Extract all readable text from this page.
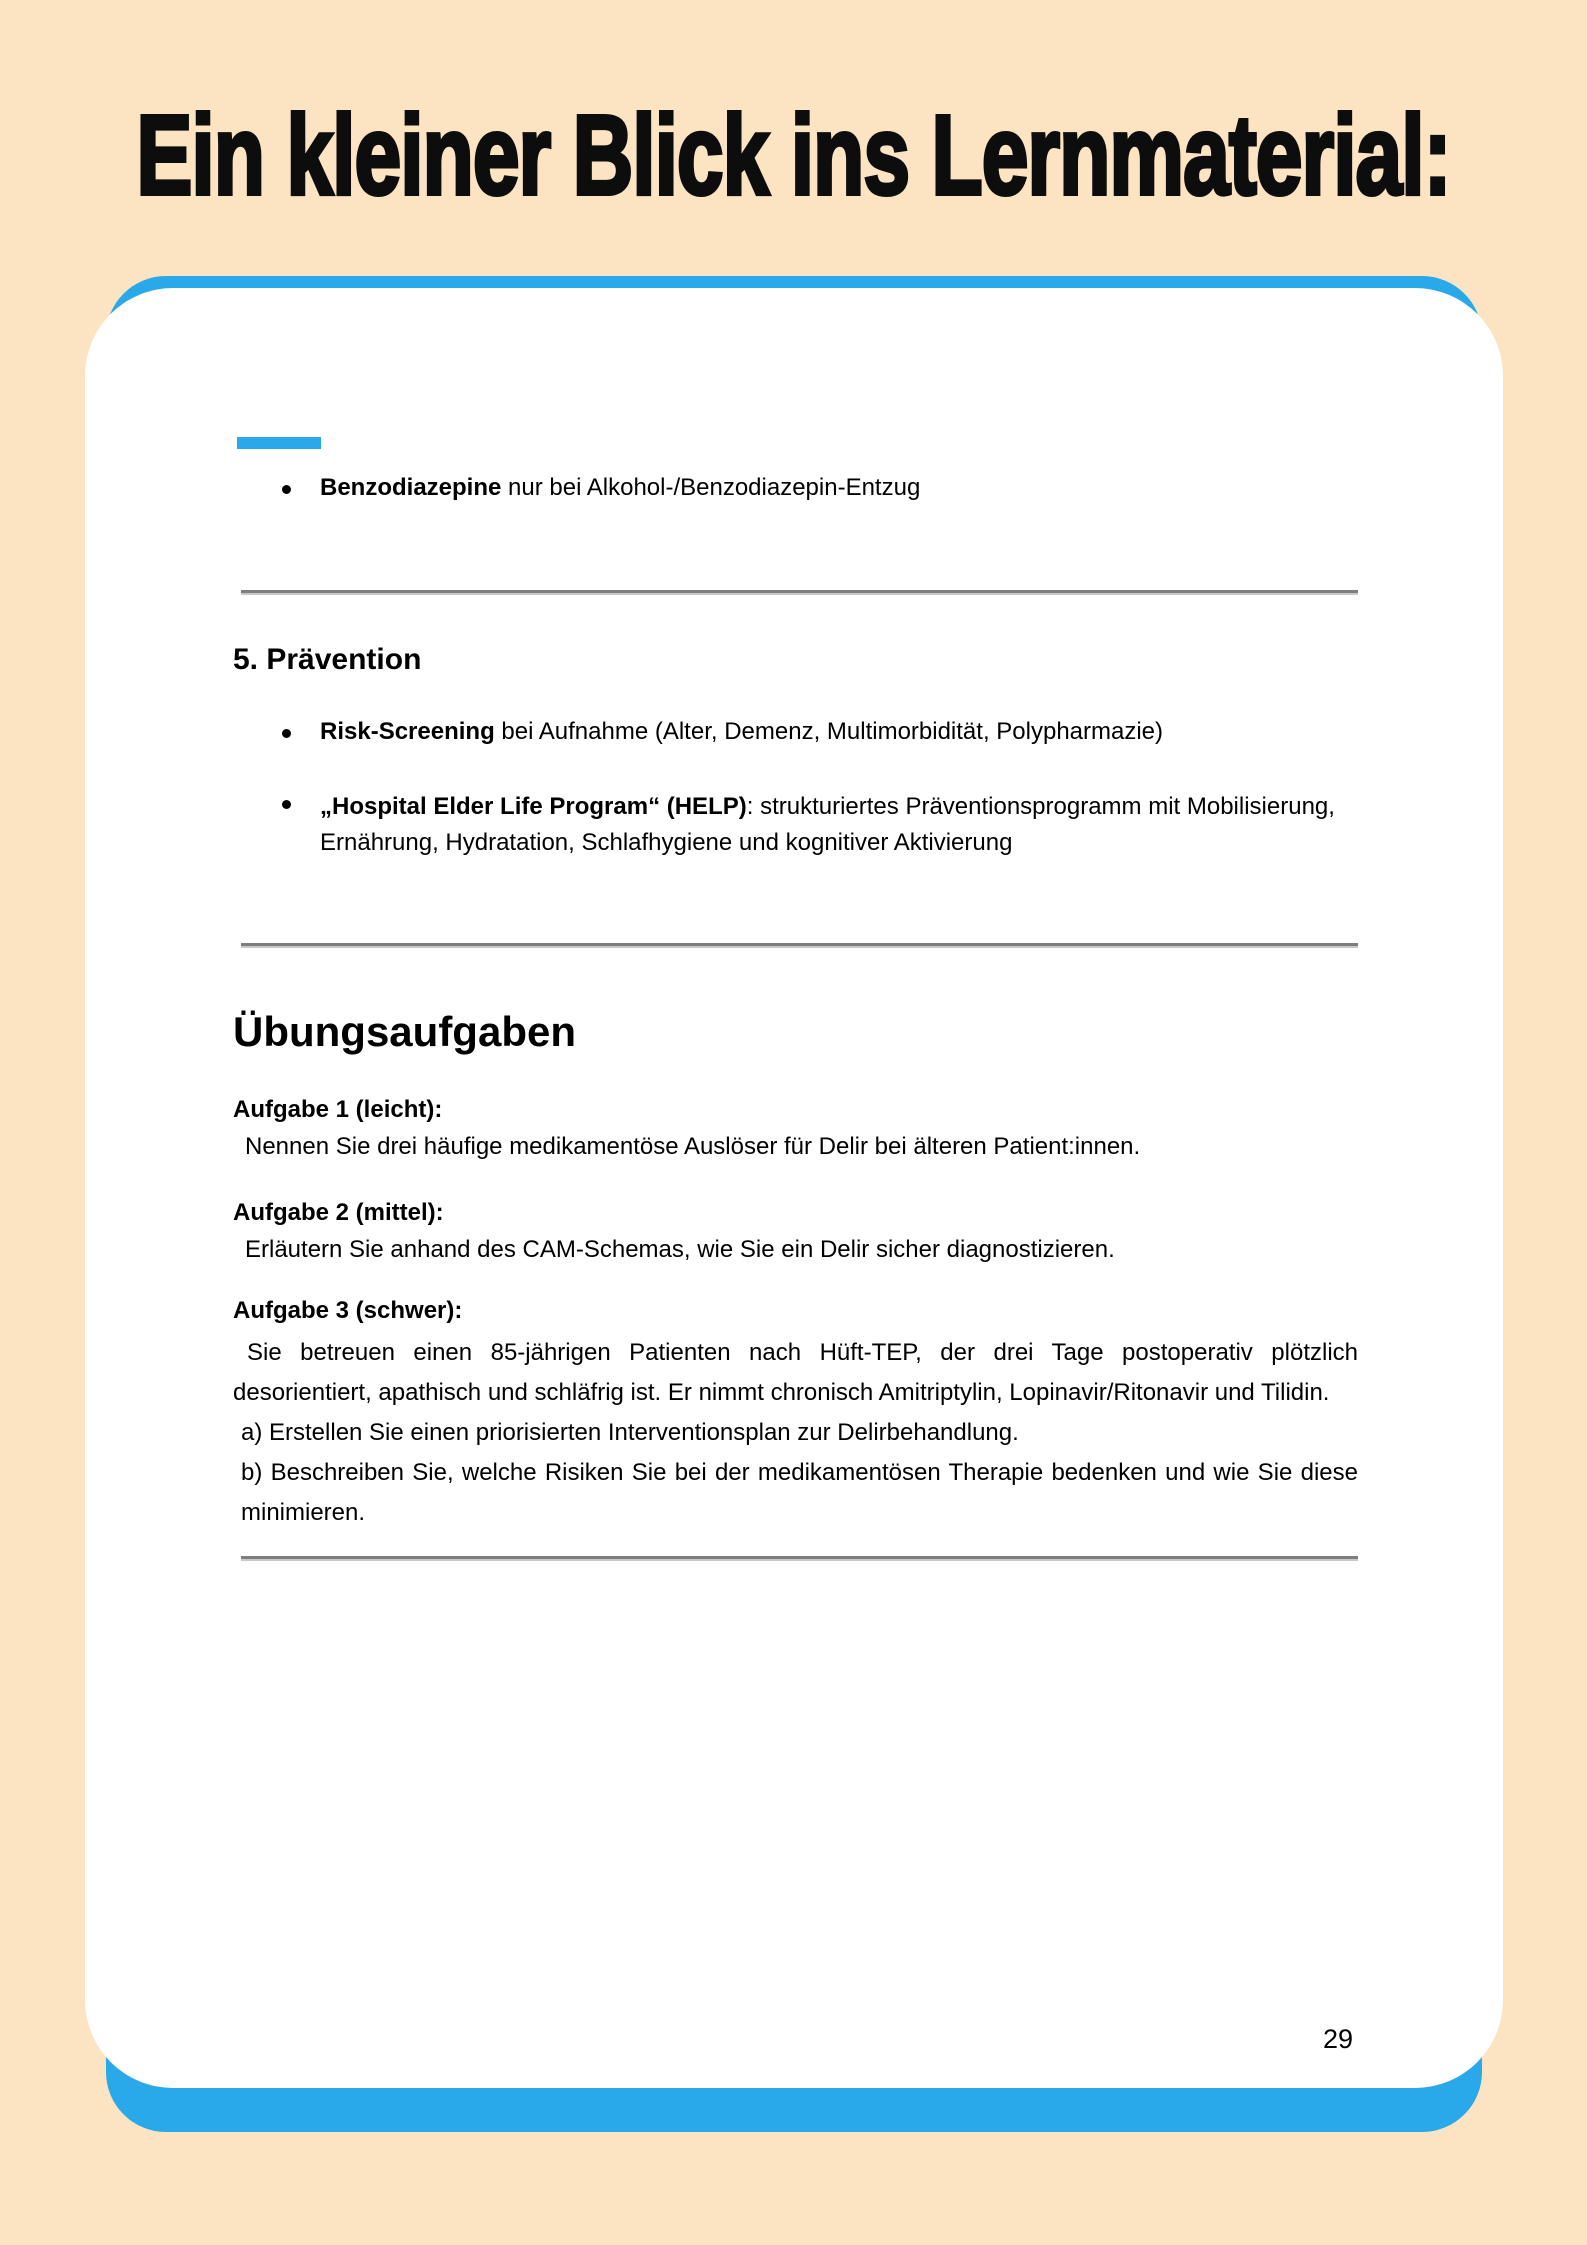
Ein kleiner Blick ins Lernmaterial:
Benzodiazepine nur bei Alkohol-/Benzodiazepin-Entzug
5. Prävention
Risk-Screening bei Aufnahme (Alter, Demenz, Multimorbidität, Polypharmazie)
„Hospital Elder Life Program“ (HELP): strukturiertes Präventionsprogramm mit Mobilisierung, Ernährung, Hydratation, Schlafhygiene und kognitiver Aktivierung
Übungsaufgaben
Aufgabe 1 (leicht):
Nennen Sie drei häufige medikamentöse Auslöser für Delir bei älteren Patient:innen.
Aufgabe 2 (mittel):
Erläutern Sie anhand des CAM-Schemas, wie Sie ein Delir sicher diagnostizieren.
Aufgabe 3 (schwer):

Sie betreuen einen 85-jährigen Patienten nach Hüft-TEP, der drei Tage postoperativ plötzlich desorientiert, apathisch und schläfrig ist. Er nimmt chronisch Amitriptylin, Lopinavir/Ritonavir und Tilidin.

a) Erstellen Sie einen priorisierten Interventionsplan zur Delirbehandlung.

b) Beschreiben Sie, welche Risiken Sie bei der medikamentösen Therapie bedenken und wie Sie diese minimieren.

29
